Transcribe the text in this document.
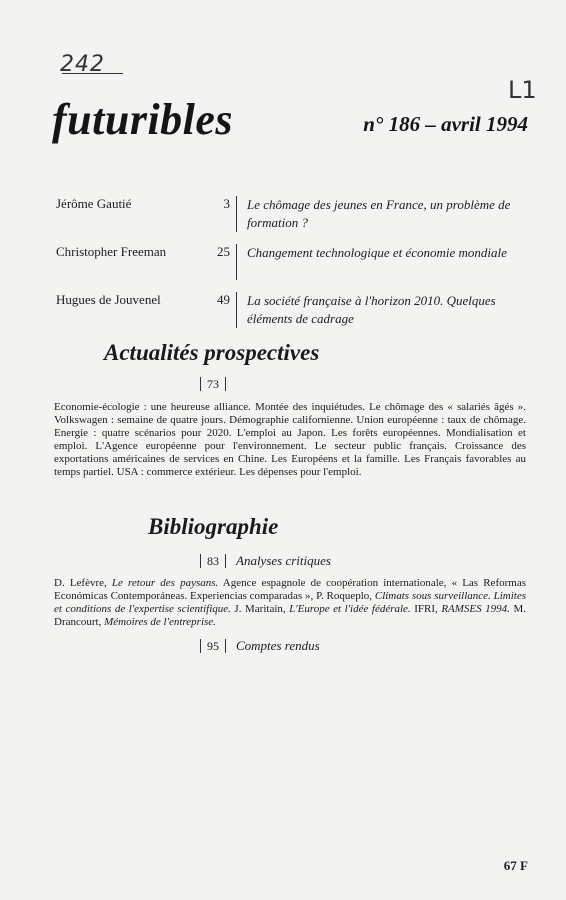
242
L1
futuribles	n° 186 – avril 1994
Jérôme Gautié	3	Le chômage des jeunes en France, un problème de formation ?
Christopher Freeman	25	Changement technologique et économie mondiale
Hugues de Jouvenel	49	La société française à l'horizon 2010. Quelques éléments de cadrage
Actualités prospectives
73
Economie-écologie : une heureuse alliance. Montée des inquiétudes. Le chômage des « salariés âgés ». Volkswagen : semaine de quatre jours. Démographie californienne. Union européenne : taux de chômage. Energie : quatre scénarios pour 2020. L'emploi au Japon. Les forêts européennes. Mondialisation et emploi. L'Agence européenne pour l'environnement. Le secteur public français. Croissance des exportations américaines de services en Chine. Les Européens et la famille. Les Français favorables au temps partiel. USA : commerce extérieur. Les dépenses pour l'emploi.
Bibliographie
83 Analyses critiques
D. Lefèvre, Le retour des paysans. Agence espagnole de coopération internationale, « Las Reformas Económicas Contemporáneas. Experiencias comparadas », P. Roqueplo, Climats sous surveillance. Limites et conditions de l'expertise scientifique. J. Maritain, L'Europe et l'idée fédérale. IFRI, RAMSES 1994. M. Drancourt, Mémoires de l'entreprise.
95 Comptes rendus
67 F
